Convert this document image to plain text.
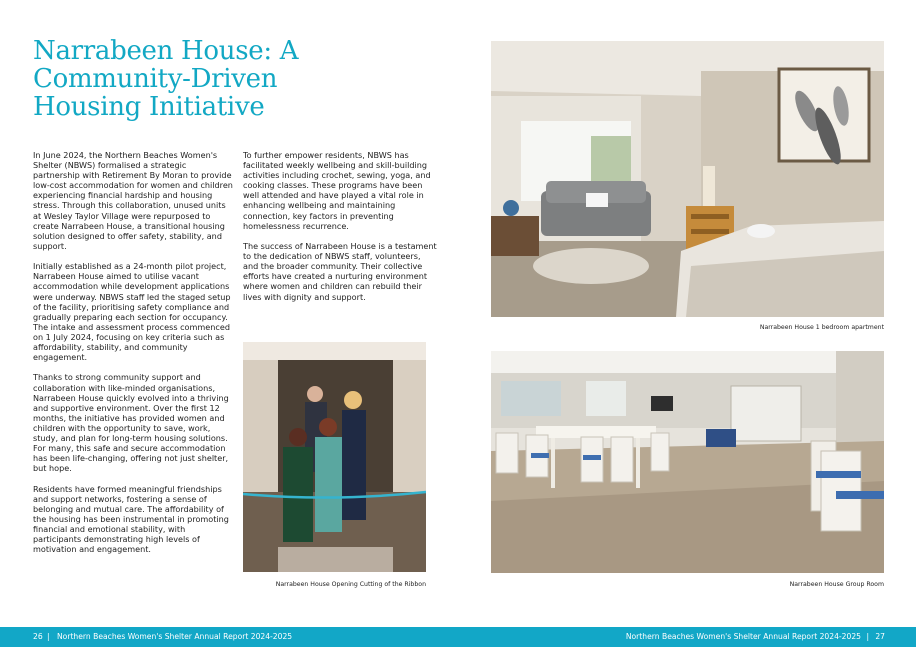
Narrabeen House: A
Community-Driven
Housing Initiative

In June 2024, the Northern Beaches Women's Shelter (NBWS) formalised a strategic partnership with Retirement By Moran to provide low-cost accommodation for women and children experiencing financial hardship and housing stress. Through this collaboration, unused units at Wesley Taylor Village were repurposed to create Narrabeen House, a transitional housing solution designed to offer safety, stability, and support.

Initially established as a 24-month pilot project, Narrabeen House aimed to utilise vacant accommodation while development applications were underway. NBWS staff led the staged setup of the facility, prioritising safety compliance and gradually preparing each section for occupancy. The intake and assessment process commenced on 1 July 2024, focusing on key criteria such as affordability, stability, and community engagement.

Thanks to strong community support and collaboration with like-minded organisations, Narrabeen House quickly evolved into a thriving and supportive environment. Over the first 12 months, the initiative has provided women and children with the opportunity to save, work, study, and plan for long-term housing solutions. For many, this safe and secure accommodation has been life-changing, offering not just shelter, but hope.

Residents have formed meaningful friendships and support networks, fostering a sense of belonging and mutual care. The affordability of the housing has been instrumental in promoting financial and emotional stability, with participants demonstrating high levels of motivation and engagement.

To further empower residents, NBWS has facilitated weekly wellbeing and skill-building activities including crochet, sewing, yoga, and cooking classes. These programs have been well attended and have played a vital role in enhancing wellbeing and maintaining connection, key factors in preventing homelessness recurrence.

The success of Narrabeen House is a testament to the dedication of NBWS staff, volunteers, and the broader community. Their collective efforts have created a nurturing environment where women and children can rebuild their lives with dignity and support.

Narrabeen House 1 bedroom apartment
Narrabeen House Opening Cutting of the Ribbon	Narrabeen House Group Room
26 | Northern Beaches Women's Shelter Annual Report 2024-2025	Northern Beaches Women's Shelter Annual Report 2024-2025 | 27
